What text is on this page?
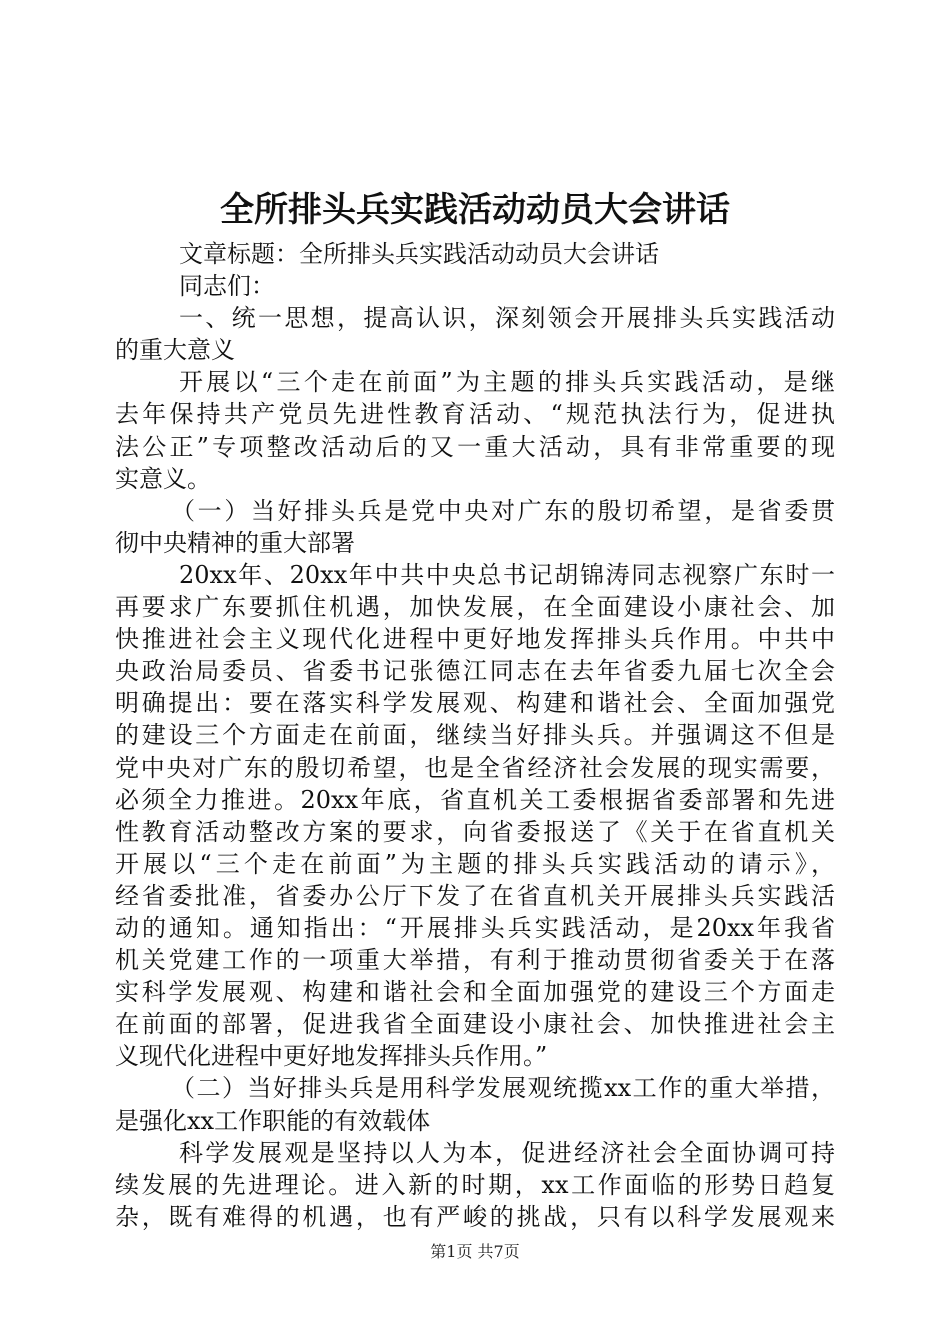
全所排头兵实践活动动员大会讲话
文章标题：全所排头兵实践活动动员大会讲话
同志们：
一、统一思想，提高认识，深刻领会开展排头兵实践活动
的重大意义
开展以“三个走在前面”为主题的排头兵实践活动，是继
去年保持共产党员先进性教育活动、“规范执法行为，促进执
法公正”专项整改活动后的又一重大活动，具有非常重要的现
实意义。
（一）当好排头兵是党中央对广东的殷切希望，是省委贯
彻中央精神的重大部署
20xx年、20xx年中共中央总书记胡锦涛同志视察广东时一
再要求广东要抓住机遇，加快发展，在全面建设小康社会、加
快推进社会主义现代化进程中更好地发挥排头兵作用。中共中
央政治局委员、省委书记张德江同志在去年省委九届七次全会
明确提出：要在落实科学发展观、构建和谐社会、全面加强党
的建设三个方面走在前面，继续当好排头兵。并强调这不但是
党中央对广东的殷切希望，也是全省经济社会发展的现实需要，
必须全力推进。20xx年底，省直机关工委根据省委部署和先进
性教育活动整改方案的要求，向省委报送了《关于在省直机关
开展以“三个走在前面”为主题的排头兵实践活动的请示》，
经省委批准，省委办公厅下发了在省直机关开展排头兵实践活
动的通知。通知指出：“开展排头兵实践活动，是20xx年我省
机关党建工作的一项重大举措，有利于推动贯彻省委关于在落
实科学发展观、构建和谐社会和全面加强党的建设三个方面走
在前面的部署，促进我省全面建设小康社会、加快推进社会主
义现代化进程中更好地发挥排头兵作用。”
（二）当好排头兵是用科学发展观统揽xx工作的重大举措，
是强化xx工作职能的有效载体
科学发展观是坚持以人为本，促进经济社会全面协调可持
续发展的先进理论。进入新的时期，xx工作面临的形势日趋复
杂，既有难得的机遇，也有严峻的挑战，只有以科学发展观来
第1页 共7页
